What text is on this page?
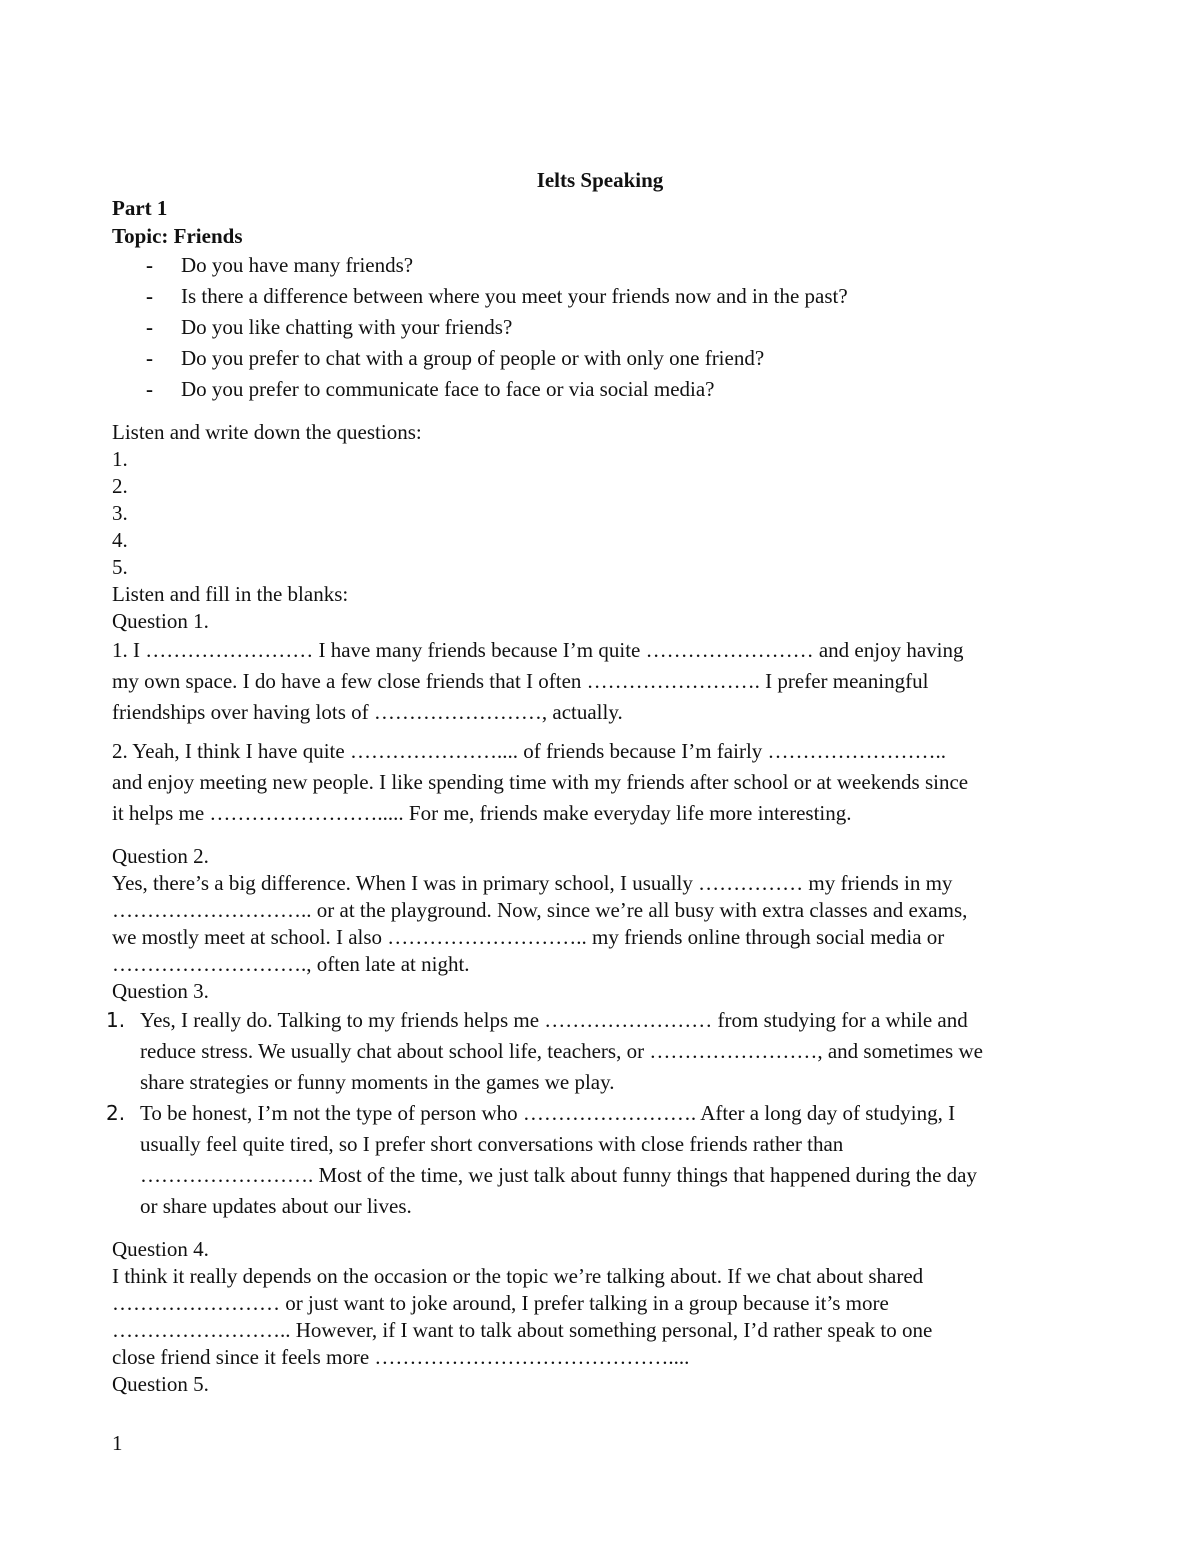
Ielts Speaking
Part 1
Topic: Friends
- Do you have many friends?
- Is there a difference between where you meet your friends now and in the past?
- Do you like chatting with your friends?
- Do you prefer to chat with a group of people or with only one friend?
- Do you prefer to communicate face to face or via social media?
Listen and write down the questions:
1.
2.
3.
4.
5.
Listen and fill in the blanks:
Question 1.
1. I …………………… I have many friends because I’m quite …………………… and enjoy having
my own space. I do have a few close friends that I often ……………………. I prefer meaningful
friendships over having lots of ……………………, actually.
2. Yeah, I think I have quite ………………….... of friends because I’m fairly ……………………..
and enjoy meeting new people. I like spending time with my friends after school or at weekends since
it helps me ……………………..... For me, friends make everyday life more interesting.
Question 2.
Yes, there’s a big difference. When I was in primary school, I usually …………… my friends in my
……………………….. or at the playground. Now, since we’re all busy with extra classes and exams,
we mostly meet at school. I also ……………………….. my friends online through social media or
………………………., often late at night.
Question 3.
1. Yes, I really do. Talking to my friends helps me …………………… from studying for a while and
reduce stress. We usually chat about school life, teachers, or ……………………, and sometimes we
share strategies or funny moments in the games we play.
2. To be honest, I’m not the type of person who ……………………. After a long day of studying, I
usually feel quite tired, so I prefer short conversations with close friends rather than
……………………. Most of the time, we just talk about funny things that happened during the day
or share updates about our lives.
Question 4.
I think it really depends on the occasion or the topic we’re talking about. If we chat about shared
…………………… or just want to joke around, I prefer talking in a group because it’s more
…………………….. However, if I want to talk about something personal, I’d rather speak to one
close friend since it feels more ……………………………………....
Question 5.
1
